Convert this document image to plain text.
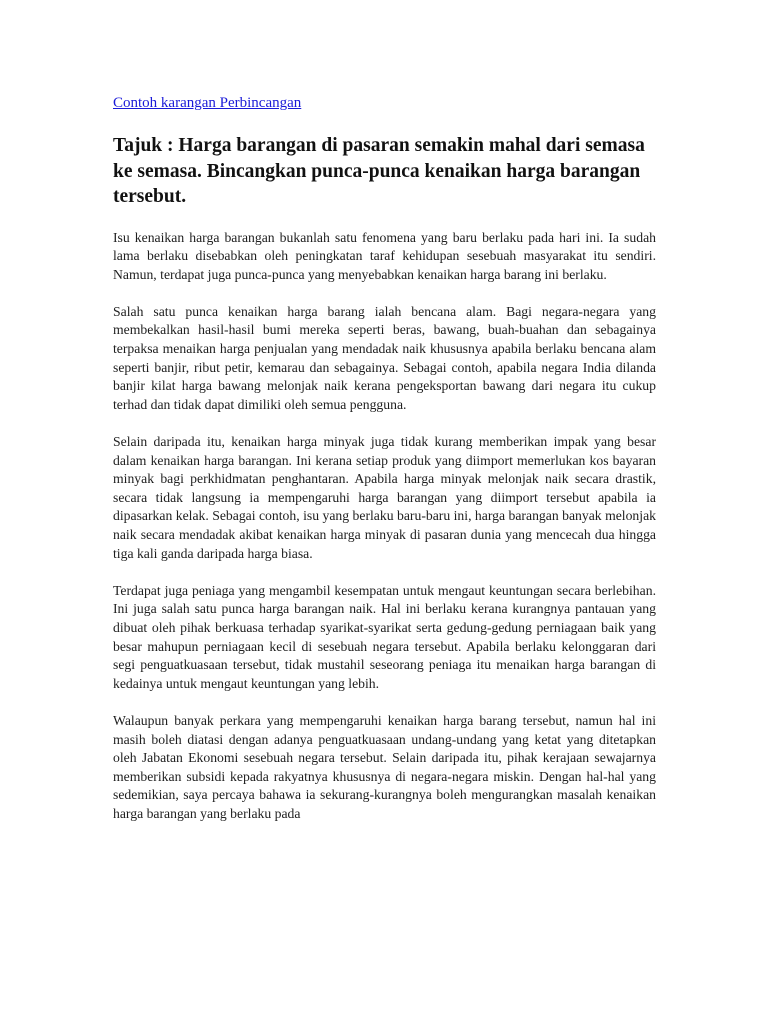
Contoh karangan Perbincangan
Tajuk : Harga barangan di pasaran semakin mahal dari semasa ke semasa. Bincangkan punca-punca kenaikan harga barangan tersebut.

Isu kenaikan harga barangan bukanlah satu fenomena yang baru berlaku pada hari ini. Ia sudah lama berlaku disebabkan oleh peningkatan taraf kehidupan sesebuah masyarakat itu sendiri. Namun, terdapat juga punca-punca yang menyebabkan kenaikan harga barang ini berlaku.

Salah satu punca kenaikan harga barang ialah bencana alam. Bagi negara-negara yang membekalkan hasil-hasil bumi mereka seperti beras, bawang, buah-buahan dan sebagainya terpaksa menaikan harga penjualan yang mendadak naik khususnya apabila berlaku bencana alam seperti banjir, ribut petir, kemarau dan sebagainya. Sebagai contoh, apabila negara India dilanda banjir kilat harga bawang melonjak naik kerana pengeksportan bawang dari negara itu cukup terhad dan tidak dapat dimiliki oleh semua pengguna.

Selain daripada itu, kenaikan harga minyak juga tidak kurang memberikan impak yang besar dalam kenaikan harga barangan. Ini kerana setiap produk yang diimport memerlukan kos bayaran minyak bagi perkhidmatan penghantaran. Apabila harga minyak melonjak naik secara drastik, secara tidak langsung ia mempengaruhi harga barangan yang diimport tersebut apabila ia dipasarkan kelak. Sebagai contoh, isu yang berlaku baru-baru ini, harga barangan banyak melonjak naik secara mendadak akibat kenaikan harga minyak di pasaran dunia yang mencecah dua hingga tiga kali ganda daripada harga biasa.

Terdapat juga peniaga yang mengambil kesempatan untuk mengaut keuntungan secara berlebihan. Ini juga salah satu punca harga barangan naik. Hal ini berlaku kerana kurangnya pantauan yang dibuat oleh pihak berkuasa terhadap syarikat-syarikat serta gedung-gedung perniagaan baik yang besar mahupun perniagaan kecil di sesebuah negara tersebut. Apabila berlaku kelonggaran dari segi penguatkuasaan tersebut, tidak mustahil seseorang peniaga itu menaikan harga barangan di kedainya untuk mengaut keuntungan yang lebih.

Walaupun banyak perkara yang mempengaruhi kenaikan harga barang tersebut, namun hal ini masih boleh diatasi dengan adanya penguatkuasaan undang-undang yang ketat yang ditetapkan oleh Jabatan Ekonomi sesebuah negara tersebut. Selain daripada itu, pihak kerajaan sewajarnya memberikan subsidi kepada rakyatnya khususnya di negara-negara miskin. Dengan hal-hal yang sedemikian, saya percaya bahawa ia sekurang-kurangnya boleh mengurangkan masalah kenaikan harga barangan yang berlaku pada
